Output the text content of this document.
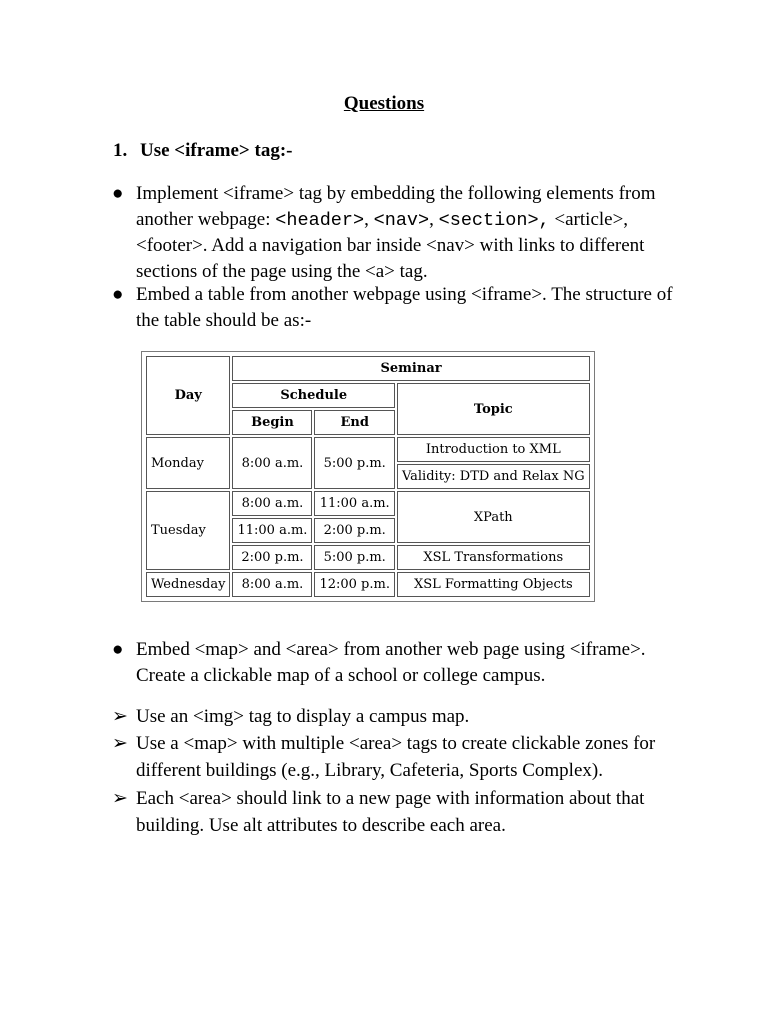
Questions
1. Use <iframe> tag:-
● Implement <iframe> tag by embedding the following elements from another webpage: <header>, <nav>, <section>, <article>, <footer>. Add a navigation bar inside <nav> with links to different sections of the page using the <a> tag.
● Embed a table from another webpage using <iframe>. The structure of the table should be as:-
Day	Seminar		
	Schedule		Topic
	Begin	End	
Monday	8:00 a.m.	5:00 p.m.	Introduction to XML
			Validity: DTD and Relax NG
Tuesday	8:00 a.m.	11:00 a.m.	XPath
	11:00 a.m.	2:00 p.m.	
	2:00 p.m.	5:00 p.m.	XSL Transformations
Wednesday	8:00 a.m.	12:00 p.m.	XSL Formatting Objects
● Embed <map> and <area> from another web page using <iframe>. Create a clickable map of a school or college campus.
➢ Use an <img> tag to display a campus map.
➢ Use a <map> with multiple <area> tags to create clickable zones for different buildings (e.g., Library, Cafeteria, Sports Complex).
➢ Each <area> should link to a new page with information about that building. Use alt attributes to describe each area.
